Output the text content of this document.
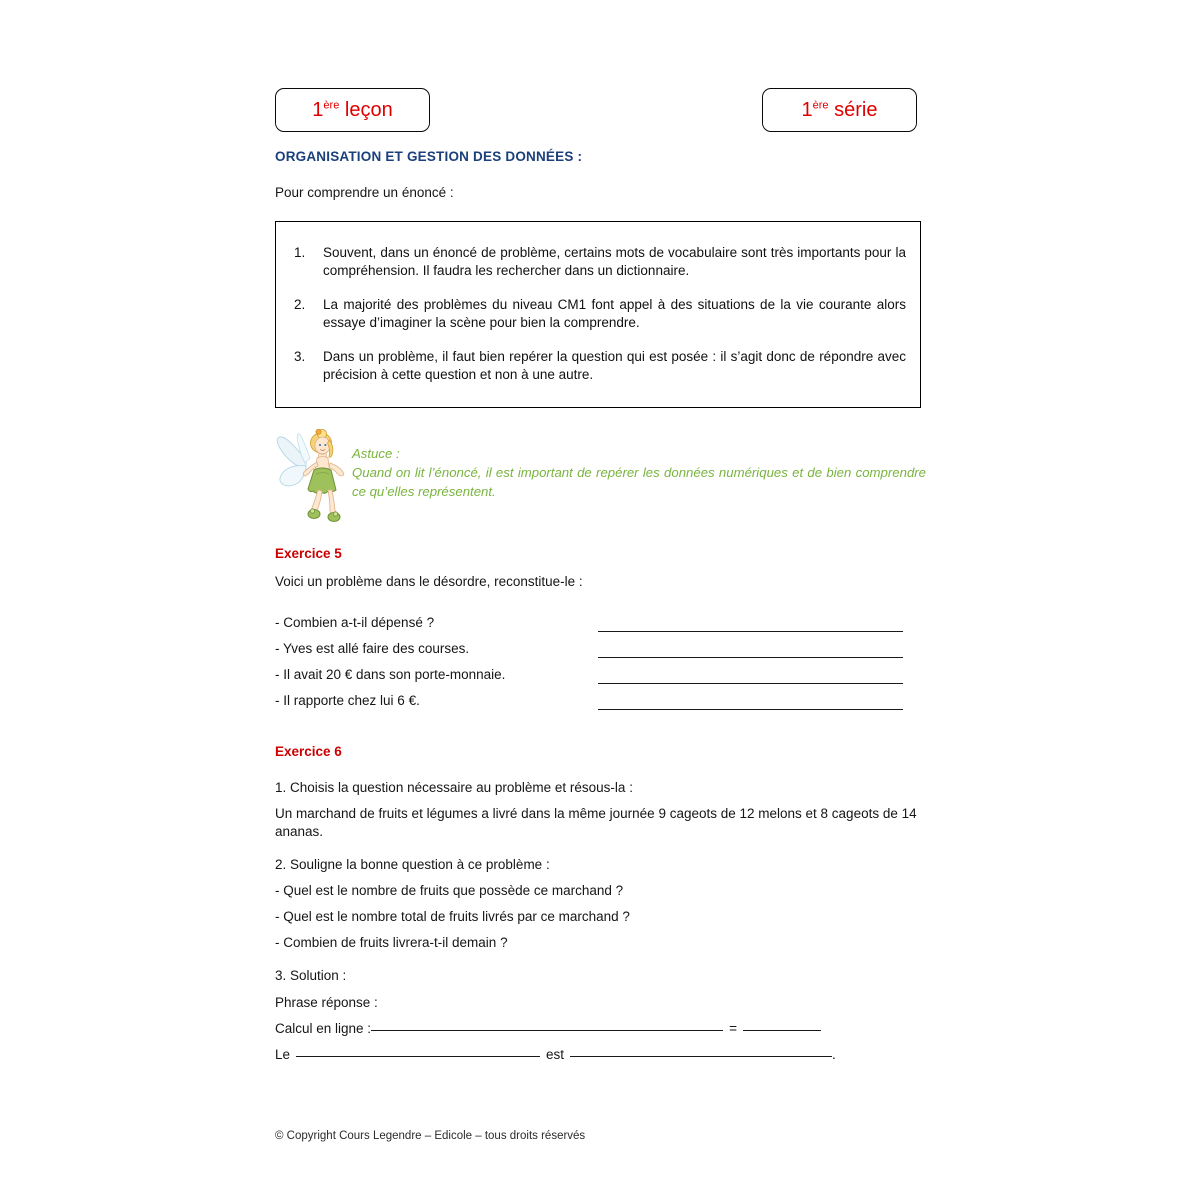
1ère leçon	1ère série
ORGANISATION ET GESTION DES DONNÉES :
Pour comprendre un énoncé :
1.	Souvent, dans un énoncé de problème, certains mots de vocabulaire sont très importants pour la compréhension. Il faudra les rechercher dans un dictionnaire.
2.	La majorité des problèmes du niveau CM1 font appel à des situations de la vie courante alors essaye d’imaginer la scène pour bien la comprendre.
3.	Dans un problème, il faut bien repérer la question qui est posée : il s’agit donc de répondre avec précision à cette question et non à une autre.
Astuce :
Quand on lit l’énoncé, il est important de repérer les données numériques et de bien comprendre ce qu’elles représentent.
Exercice 5
Voici un problème dans le désordre, reconstitue-le :
- Combien a-t-il dépensé ?
- Yves est allé faire des courses.
- Il avait 20 € dans son porte-monnaie.
- Il rapporte chez lui 6 €.
Exercice 6
1. Choisis la question nécessaire au problème et résous-la :
Un marchand de fruits et légumes a livré dans la même journée 9 cageots de 12 melons et 8 cageots de 14 ananas.
2. Souligne la bonne question à ce problème :
- Quel est le nombre de fruits que possède ce marchand ?
- Quel est le nombre total de fruits livrés par ce marchand ?
- Combien de fruits livrera-t-il demain ?
3. Solution :
Phrase réponse :
Calcul en ligne :	=
Le	est	.
© Copyright Cours Legendre – Edicole – tous droits réservés
